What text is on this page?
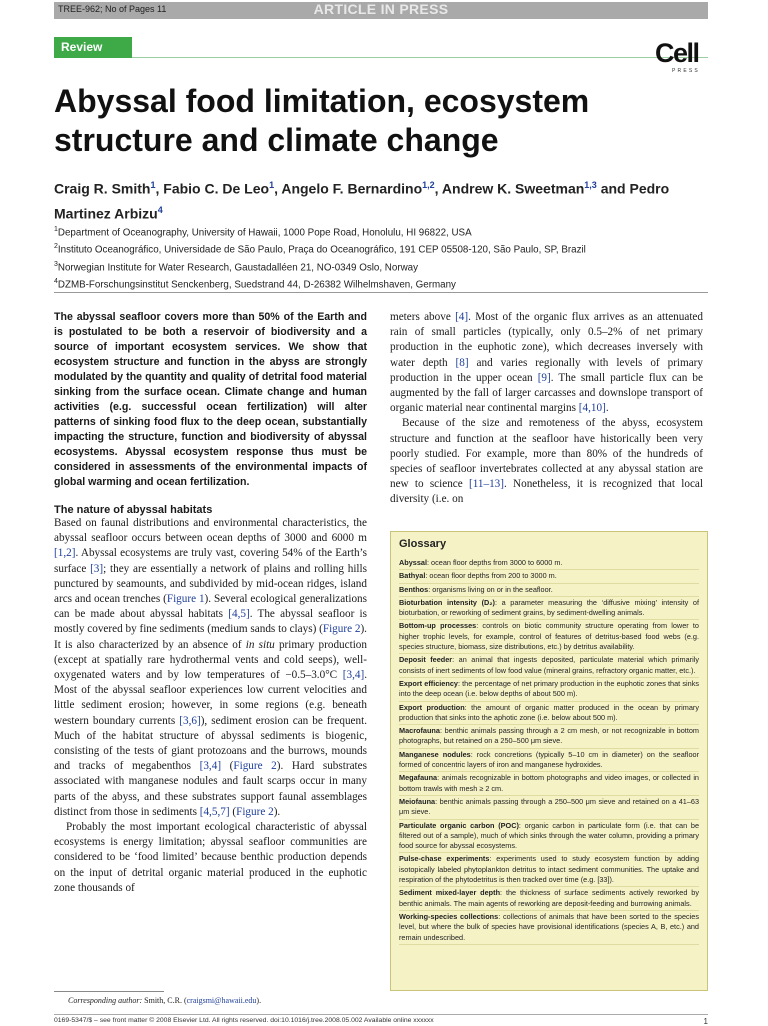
TREE-962; No of Pages 11	ARTICLE IN PRESS
Review	Cell
PRESS
Abyssal food limitation, ecosystem structure and climate change
Craig R. Smith$^1$, Fabio C. De Leo$^1$, Angelo F. Bernardino$^{1,2}$, Andrew K. Sweetman$^{1,3}$ and Pedro Martinez Arbizu$^4$
$^1$Department of Oceanography, University of Hawaii, 1000 Pope Road, Honolulu, HI 96822, USA
$^2$Instituto Oceanográfico, Universidade de São Paulo, Praça do Oceanográfico, 191 CEP 05508-120, São Paulo, SP, Brazil
$^3$Norwegian Institute for Water Research, Gaustadalléen 21, NO-0349 Oslo, Norway
$^4$DZMB-Forschungsinstitut Senckenberg, Suedstrand 44, D-26382 Wilhelmshaven, Germany

The abyssal seafloor covers more than 50% of the Earth and is postulated to be both a reservoir of biodiversity and a source of important ecosystem services. We show that ecosystem structure and function in the abyss are strongly modulated by the quantity and quality of detrital food material sinking from the surface ocean. Climate change and human activities (e.g. successful ocean fertilization) will alter patterns of sinking food flux to the deep ocean, substantially impacting the structure, function and biodiversity of abyssal ecosystems. Abyssal ecosystem response thus must be considered in assessments of the environmental impacts of global warming and ocean fertilization.

The nature of abyssal habitats

Based on faunal distributions and environmental characteristics, the abyssal seafloor occurs between ocean depths of 3000 and 6000 m [1,2]. Abyssal ecosystems are truly vast, covering 54% of the Earth’s surface [3]; they are essentially a network of plains and rolling hills punctured by seamounts, and subdivided by mid-ocean ridges, island arcs and ocean trenches (Figure 1). Several ecological generalizations can be made about abyssal habitats [4,5]. The abyssal seafloor is mostly covered by fine sediments (medium sands to clays) (Figure 2). It is also characterized by an absence of in situ primary production (except at spatially rare hydrothermal vents and cold seeps), well-oxygenated waters and by low temperatures of −0.5–3.0°C [3,4]. Most of the abyssal seafloor experiences low current velocities and little sediment erosion; however, in some regions (e.g. beneath western boundary currents [3,6]), sediment erosion can be frequent. Much of the habitat structure of abyssal sediments is biogenic, consisting of the tests of giant protozoans and the burrows, mounds and tracks of megabenthos [3,4] (Figure 2). Hard substrates associated with manganese nodules and fault scarps occur in many parts of the abyss, and these substrates support faunal assemblages distinct from those in sediments [4,5,7] (Figure 2).

Probably the most important ecological characteristic of abyssal ecosystems is energy limitation; abyssal seafloor communities are considered to be ‘food limited’ because benthic production depends on the input of detrital organic material produced in the euphotic zone thousands of

meters above [4]. Most of the organic flux arrives as an attenuated rain of small particles (typically, only 0.5–2% of net primary production in the euphotic zone), which decreases inversely with water depth [8] and varies regionally with levels of primary production in the upper ocean [9]. The small particle flux can be augmented by the fall of larger carcasses and downslope transport of organic material near continental margins [4,10].

Because of the size and remoteness of the abyss, ecosystem structure and function at the seafloor have historically been very poorly studied. For example, more than 80% of the hundreds of species of seafloor invertebrates collected at any abyssal station are new to science [11–13]. Nonetheless, it is recognized that local diversity (i.e. on

Glossary
Abyssal: ocean floor depths from 3000 to 6000 m.
Bathyal: ocean floor depths from 200 to 3000 m.
Benthos: organisms living on or in the seafloor.
Bioturbation intensity (D₂): a parameter measuring the ‘diffusive mixing’ intensity of bioturbation, or reworking of sediment grains, by sediment-dwelling animals.
Bottom-up processes: controls on biotic community structure operating from lower to higher trophic levels, for example, control of features of detritus-based food webs (e.g. species structure, biomass, size distributions, etc.) by detritus availability.
Deposit feeder: an animal that ingests deposited, particulate material which primarily consists of inert sediments of low food value (mineral grains, refractory organic matter, etc.).
Export efficiency: the percentage of net primary production in the euphotic zones that sinks into the deep ocean (i.e. below depths of about 500 m).
Export production: the amount of organic matter produced in the ocean by primary production that sinks into the aphotic zone (i.e. below about 500 m).
Macrofauna: benthic animals passing through a 2 cm mesh, or not recognizable in bottom photographs, but retained on a 250–500 μm sieve.
Manganese nodules: rock concretions (typically 5–10 cm in diameter) on the seafloor formed of concentric layers of iron and manganese hydroxides.
Megafauna: animals recognizable in bottom photographs and video images, or collected in bottom trawls with mesh ≥ 2 cm.
Meiofauna: benthic animals passing through a 250–500 μm sieve and retained on a 41–63 μm sieve.
Particulate organic carbon (POC): organic carbon in particulate form (i.e. that can be filtered out of a sample), much of which sinks through the water column, providing a primary food source for abyssal ecosystems.
Pulse-chase experiments: experiments used to study ecosystem function by adding isotopically labeled phytoplankton detritus to intact sediment communities. The uptake and respiration of the phytodetritus is then tracked over time (e.g. [33]).
Sediment mixed-layer depth: the thickness of surface sediments actively reworked by benthic animals. The main agents of reworking are deposit-feeding and burrowing animals.
Working-species collections: collections of animals that have been sorted to the species level, but where the bulk of species have provisional identifications (species A, B, etc.) and remain undescribed.
Corresponding author: Smith, C.R. (craigsmi@hawaii.edu).
0169-5347/$ – see front matter © 2008 Elsevier Ltd. All rights reserved. doi:10.1016/j.tree.2008.05.002 Available online xxxxxx	1
